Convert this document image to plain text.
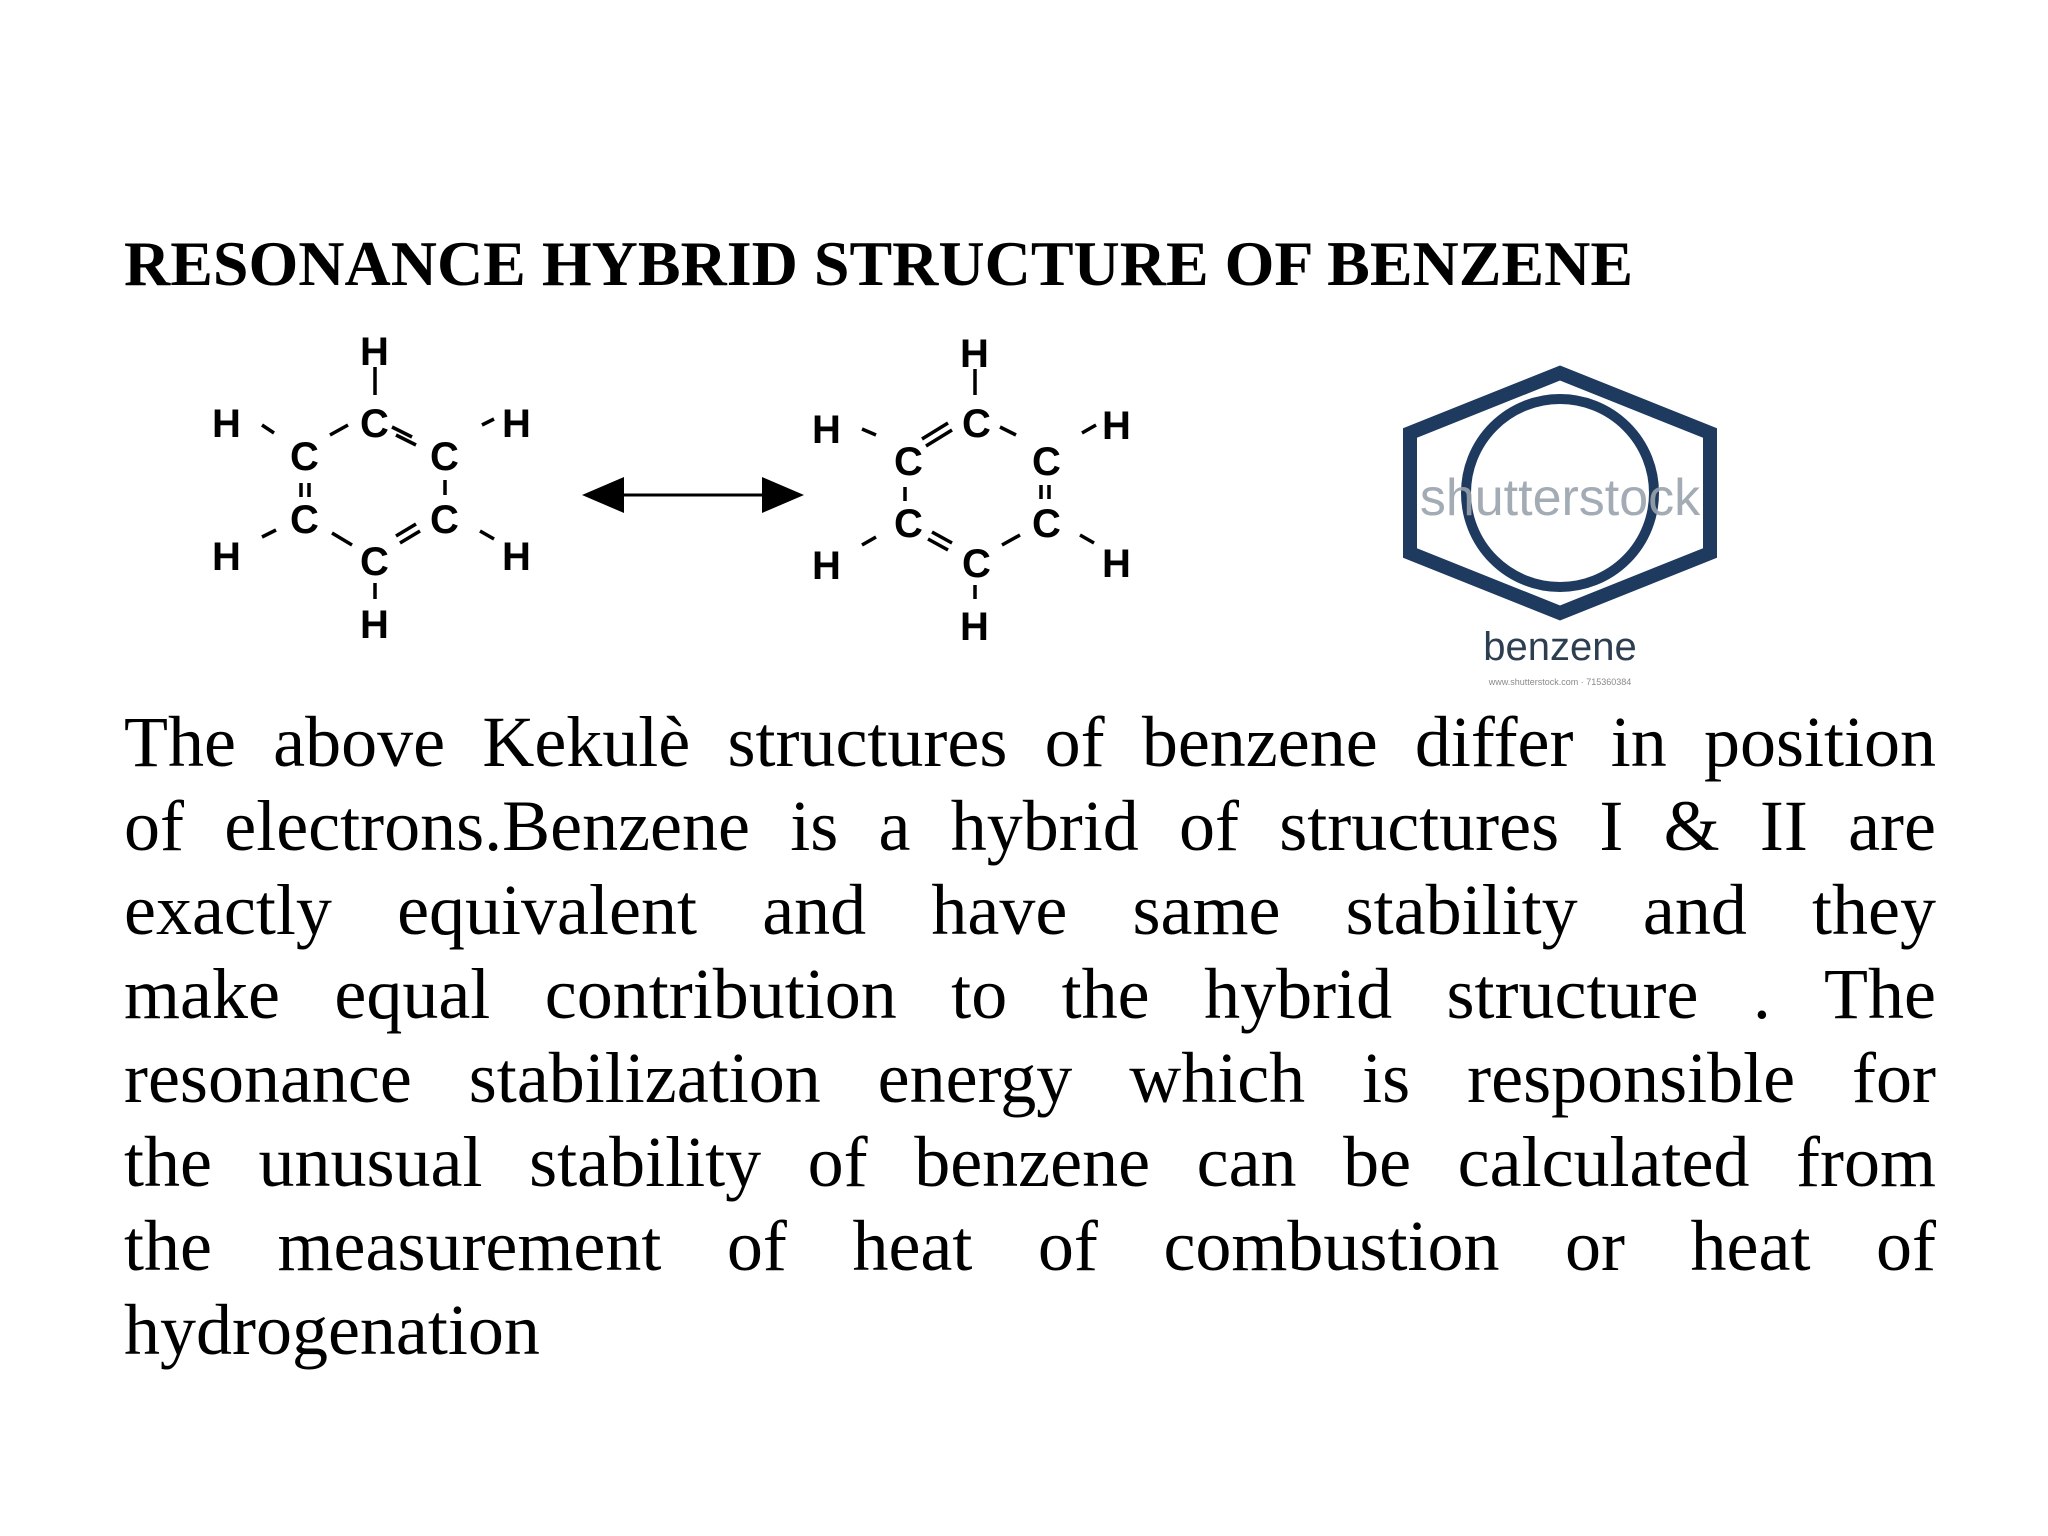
RESONANCE HYBRID STRUCTURE OF BENZENE
H
H	C	H
C	C
C	C
H	C	H
H
H
H	C	H
C	C
C	C
H	C	H
H
shutterstock
benzene
www.shutterstock.com · 715360384

The above Kekulè structures of benzene differ in position
of electrons.Benzene is a hybrid of structures I & II are
exactly equivalent and have same stability and they
make equal contribution to the hybrid structure . The
resonance stabilization energy which is responsible for
the unusual stability of benzene can be calculated from
the measurement of heat of combustion or heat of
hydrogenation
